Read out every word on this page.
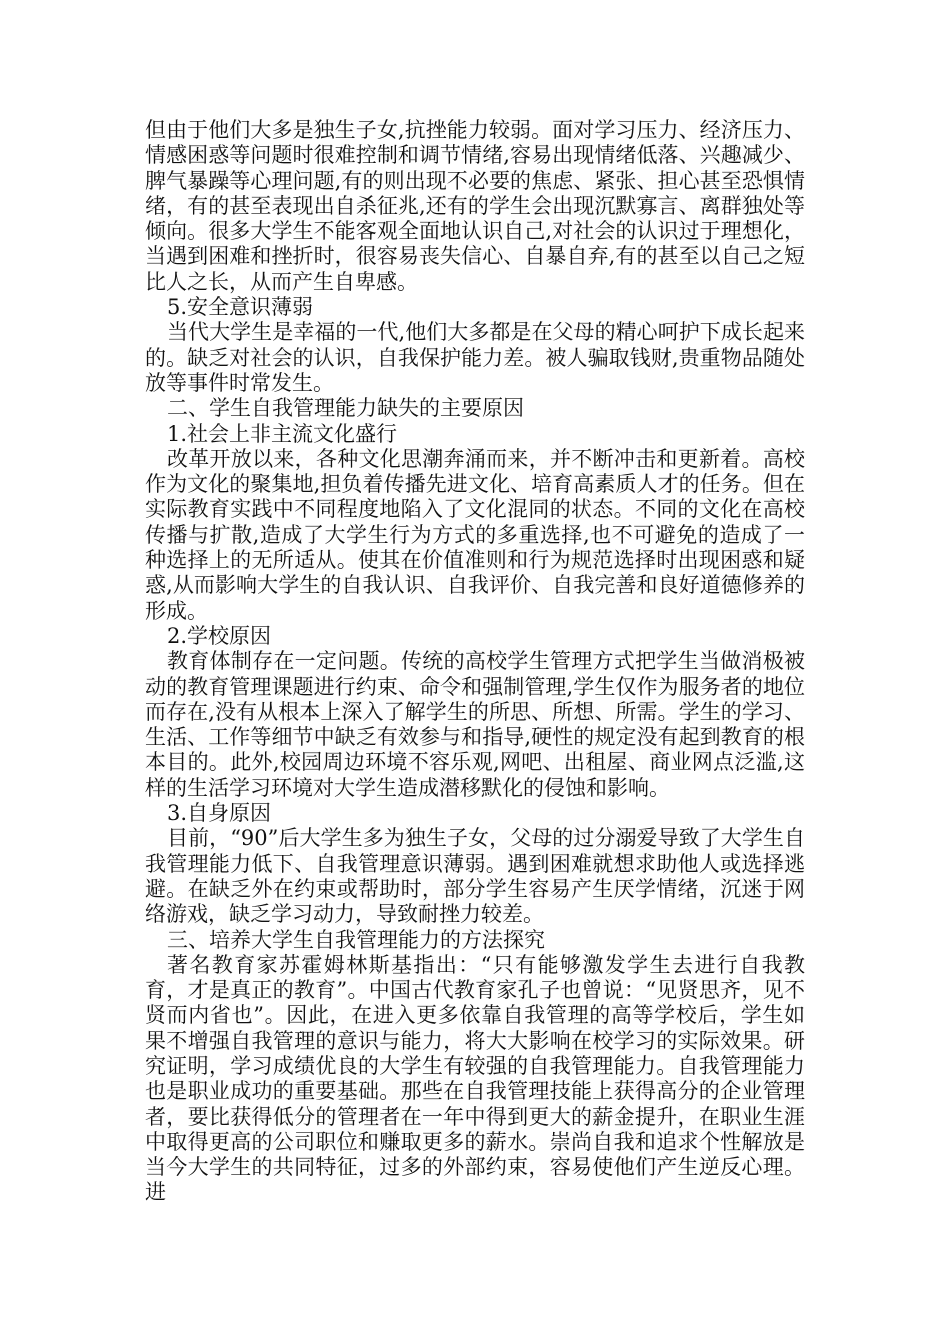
但由于他们大多是独生子女,抗挫能力较弱。面对学习压力、经济压力、情感困惑等问题时很难控制和调节情绪,容易出现情绪低落、兴趣减少、脾气暴躁等心理问题,有的则出现不必要的焦虑、紧张、担心甚至恐惧情绪，有的甚至表现出自杀征兆,还有的学生会出现沉默寡言、离群独处等倾向。很多大学生不能客观全面地认识自己,对社会的认识过于理想化，当遇到困难和挫折时，很容易丧失信心、自暴自弃,有的甚至以自己之短比人之长，从而产生自卑感。

5.安全意识薄弱

当代大学生是幸福的一代,他们大多都是在父母的精心呵护下成长起来的。缺乏对社会的认识，自我保护能力差。被人骗取钱财,贵重物品随处放等事件时常发生。

二、学生自我管理能力缺失的主要原因

1.社会上非主流文化盛行

改革开放以来，各种文化思潮奔涌而来，并不断冲击和更新着。高校作为文化的聚集地,担负着传播先进文化、培育高素质人才的任务。但在实际教育实践中不同程度地陷入了文化混同的状态。不同的文化在高校传播与扩散,造成了大学生行为方式的多重选择,也不可避免的造成了一种选择上的无所适从。使其在价值准则和行为规范选择时出现困惑和疑惑,从而影响大学生的自我认识、自我评价、自我完善和良好道德修养的形成。

2.学校原因

教育体制存在一定问题。传统的高校学生管理方式把学生当做消极被动的教育管理课题进行约束、命令和强制管理,学生仅作为服务者的地位而存在,没有从根本上深入了解学生的所思、所想、所需。学生的学习、生活、工作等细节中缺乏有效参与和指导,硬性的规定没有起到教育的根本目的。此外,校园周边环境不容乐观,网吧、出租屋、商业网点泛滥,这样的生活学习环境对大学生造成潜移默化的侵蚀和影响。

3.自身原因

目前，“90”后大学生多为独生子女，父母的过分溺爱导致了大学生自我管理能力低下、自我管理意识薄弱。遇到困难就想求助他人或选择逃避。在缺乏外在约束或帮助时，部分学生容易产生厌学情绪，沉迷于网络游戏，缺乏学习动力，导致耐挫力较差。

三、培养大学生自我管理能力的方法探究

著名教育家苏霍姆林斯基指出：“只有能够激发学生去进行自我教育，才是真正的教育”。中国古代教育家孔子也曾说：“见贤思齐，见不贤而内省也”。因此，在进入更多依靠自我管理的高等学校后，学生如果不增强自我管理的意识与能力，将大大影响在校学习的实际效果。研究证明，学习成绩优良的大学生有较强的自我管理能力。自我管理能力也是职业成功的重要基础。那些在自我管理技能上获得高分的企业管理者，要比获得低分的管理者在一年中得到更大的薪金提升，在职业生涯中取得更高的公司职位和赚取更多的薪水。崇尚自我和追求个性解放是当今大学生的共同特征，过多的外部约束，容易使他们产生逆反心理。进
